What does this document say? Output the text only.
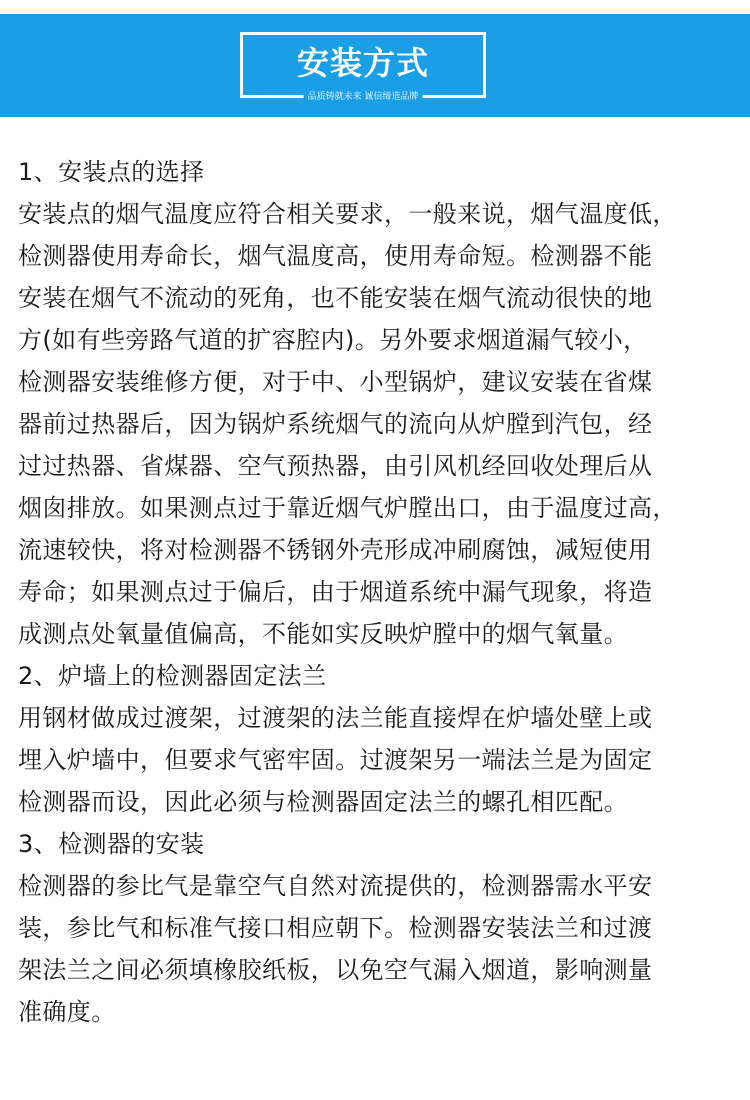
安装方式
品质铸就未来 诚信缔造品牌
1、安装点的选择
安装点的烟气温度应符合相关要求，一般来说，烟气温度低，
检测器使用寿命长，烟气温度高，使用寿命短。检测器不能
安装在烟气不流动的死角，也不能安装在烟气流动很快的地
方(如有些旁路气道的扩容腔内)。另外要求烟道漏气较小，
检测器安装维修方便，对于中、小型锅炉，建议安装在省煤
器前过热器后，因为锅炉系统烟气的流向从炉膛到汽包，经
过过热器、省煤器、空气预热器，由引风机经回收处理后从
烟囱排放。如果测点过于靠近烟气炉膛出口，由于温度过高，
流速较快，将对检测器不锈钢外壳形成冲刷腐蚀，减短使用
寿命；如果测点过于偏后，由于烟道系统中漏气现象，将造
成测点处氧量值偏高，不能如实反映炉膛中的烟气氧量。
2、炉墙上的检测器固定法兰
用钢材做成过渡架，过渡架的法兰能直接焊在炉墙处壁上或
埋入炉墙中，但要求气密牢固。过渡架另一端法兰是为固定
检测器而设，因此必须与检测器固定法兰的螺孔相匹配。
3、检测器的安装
检测器的参比气是靠空气自然对流提供的，检测器需水平安
装，参比气和标准气接口相应朝下。检测器安装法兰和过渡
架法兰之间必须填橡胶纸板，以免空气漏入烟道，影响测量
准确度。
